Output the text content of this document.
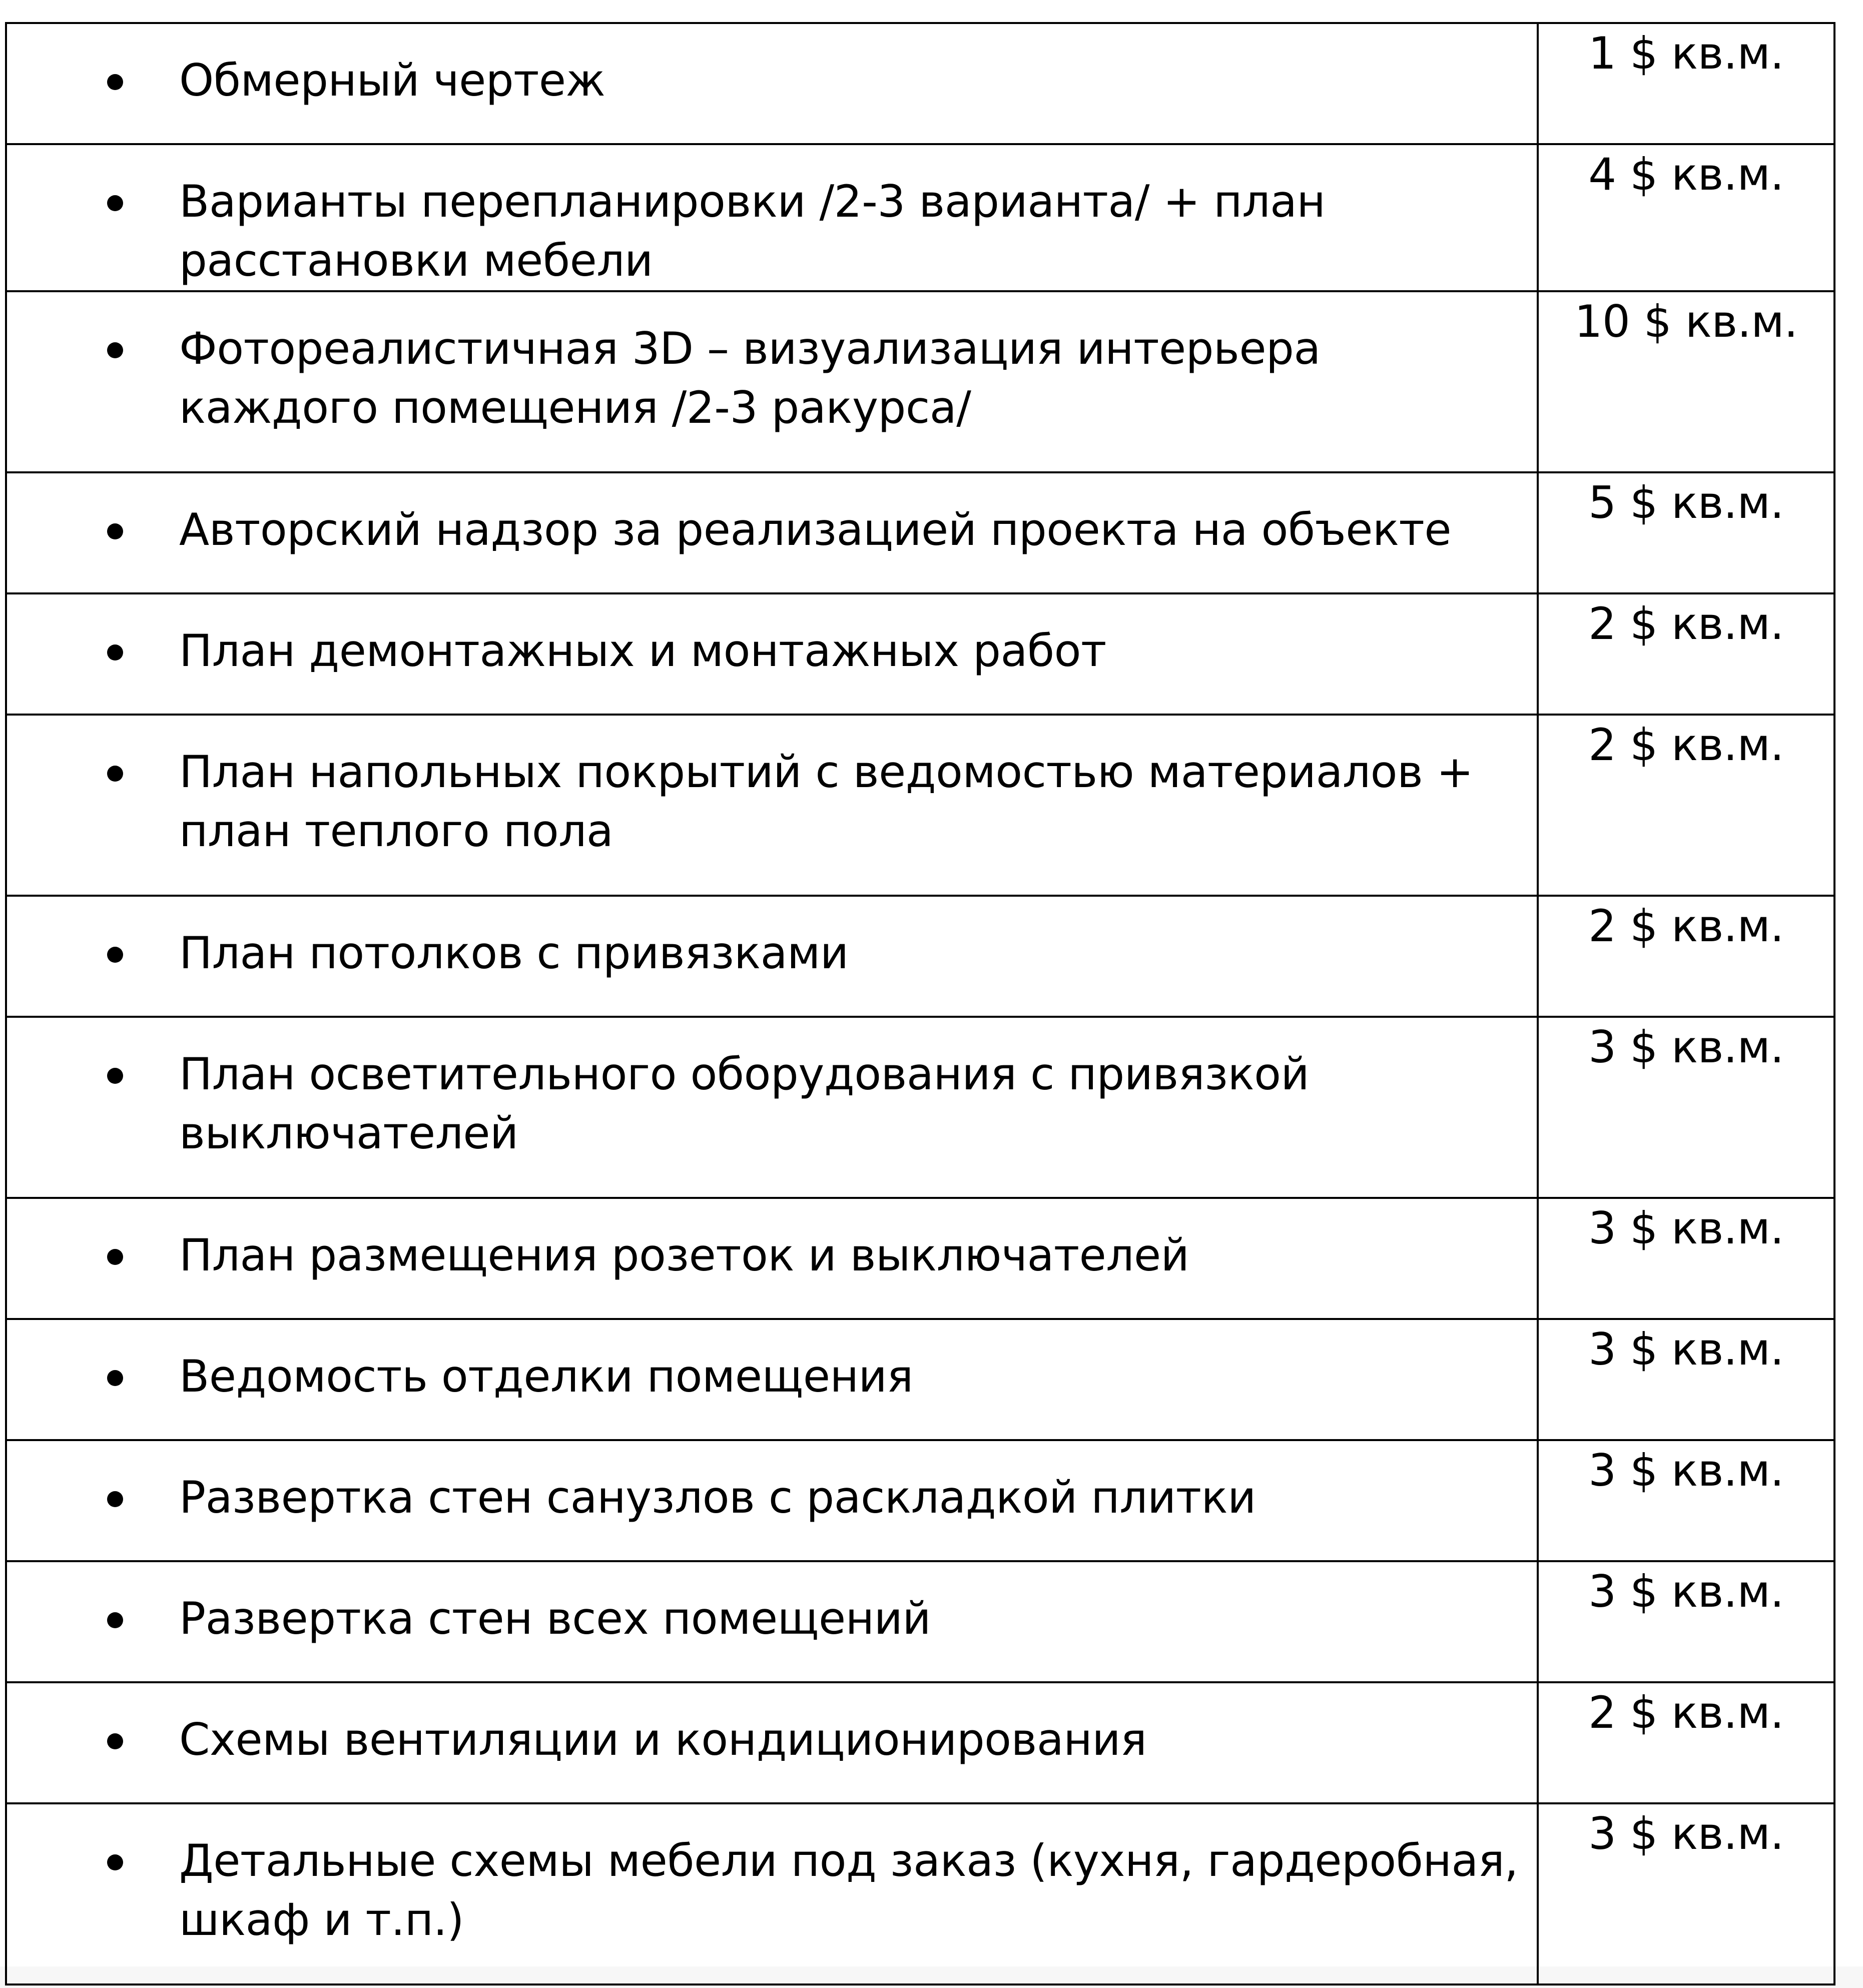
Обмерный чертеж	1 $ кв.м.

Варианты перепланировки /2-3 варианта/ + план расстановки мебели	4 $ кв.м.

Фотореалистичная 3D – визуализация интерьера каждого помещения /2-3 ракурса/	10 $ кв.м.

Авторский надзор за реализацией проекта на объекте	5 $ кв.м.

План демонтажных и монтажных работ	2 $ кв.м.

План напольных покрытий с ведомостью материалов + план теплого пола	2 $ кв.м.

План потолков с привязками	2 $ кв.м.

План осветительного оборудования с привязкой выключателей	3 $ кв.м.

План размещения розеток и выключателей	3 $ кв.м.

Ведомость отделки помещения	3 $ кв.м.

Развертка стен санузлов с раскладкой плитки	3 $ кв.м.

Развертка стен всех помещений	3 $ кв.м.

Схемы вентиляции и кондиционирования	2 $ кв.м.

Детальные схемы мебели под заказ (кухня, гардеробная, шкаф и т.п.)	3 $ кв.м.
